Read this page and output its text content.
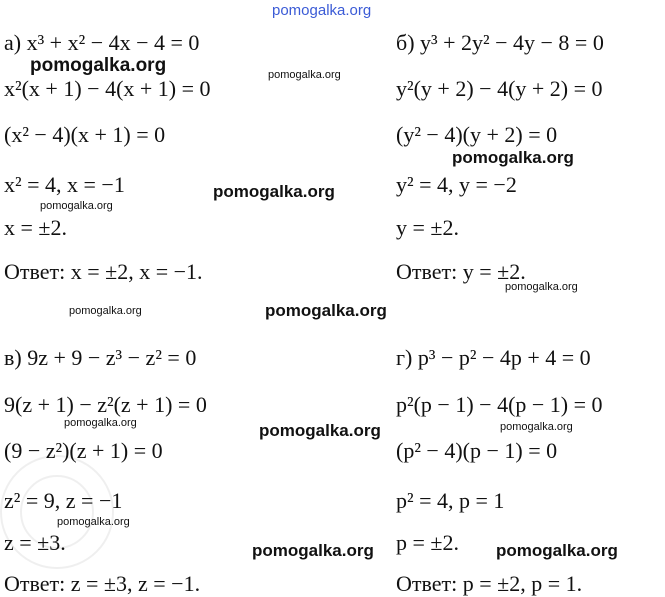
pomogalka.org
pomogalka.org	pomogalka.org
pomogalka.org
pomogalka.org
pomogalka.org
pomogalka.org
pomogalka.org	pomogalka.org
pomogalka.org	pomogalka.org	pomogalka.org
pomogalka.org
pomogalka.org	pomogalka.org
а) x³ + x² − 4x − 4 = 0
x²(x + 1) − 4(x + 1) = 0
(x² − 4)(x + 1) = 0
x² = 4, x = −1
x = ±2.
Ответ: x = ±2, x = −1.
б) y³ + 2y² − 4y − 8 = 0
y²(y + 2) − 4(y + 2) = 0
(y² − 4)(y + 2) = 0
y² = 4, y = −2
y = ±2.
Ответ: y = ±2.
в) 9z + 9 − z³ − z² = 0
9(z + 1) − z²(z + 1) = 0
(9 − z²)(z + 1) = 0
z² = 9, z = −1
z = ±3.
Ответ: z = ±3, z = −1.
г) p³ − p² − 4p + 4 = 0
p²(p − 1) − 4(p − 1) = 0
(p² − 4)(p − 1) = 0
p² = 4, p = 1
p = ±2.
Ответ: p = ±2, p = 1.
